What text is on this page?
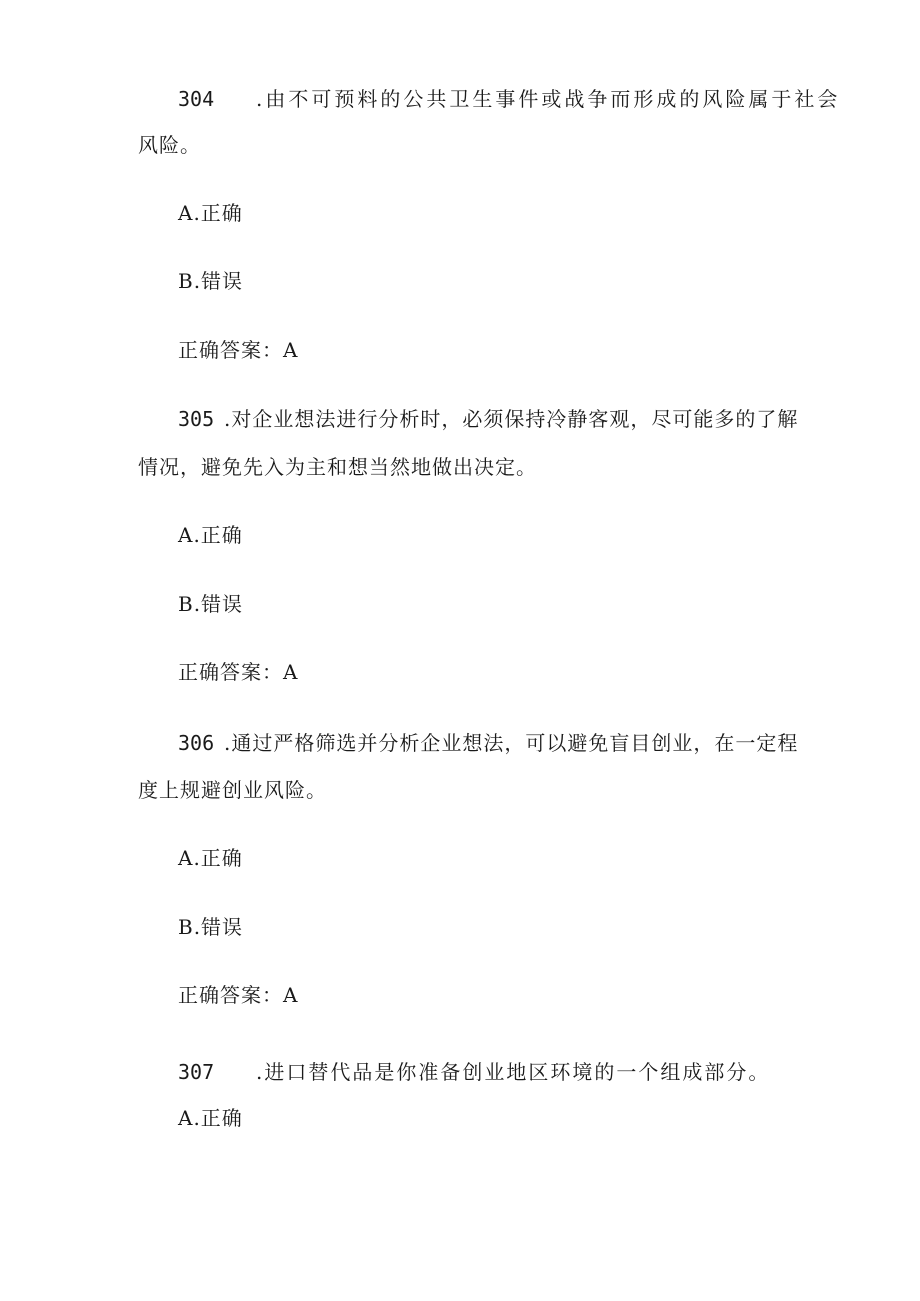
304 .由不可预料的公共卫生事件或战争而形成的风险属于社会
风险。
A.正确
B.错误
正确答案：A
305 .对企业想法进行分析时，必须保持冷静客观，尽可能多的了解
情况，避免先入为主和想当然地做出决定。
A.正确
B.错误
正确答案：A
306 .通过严格筛选并分析企业想法，可以避免盲目创业，在一定程
度上规避创业风险。
A.正确
B.错误
正确答案：A
307 .进口替代品是你准备创业地区环境的一个组成部分。
A.正确
